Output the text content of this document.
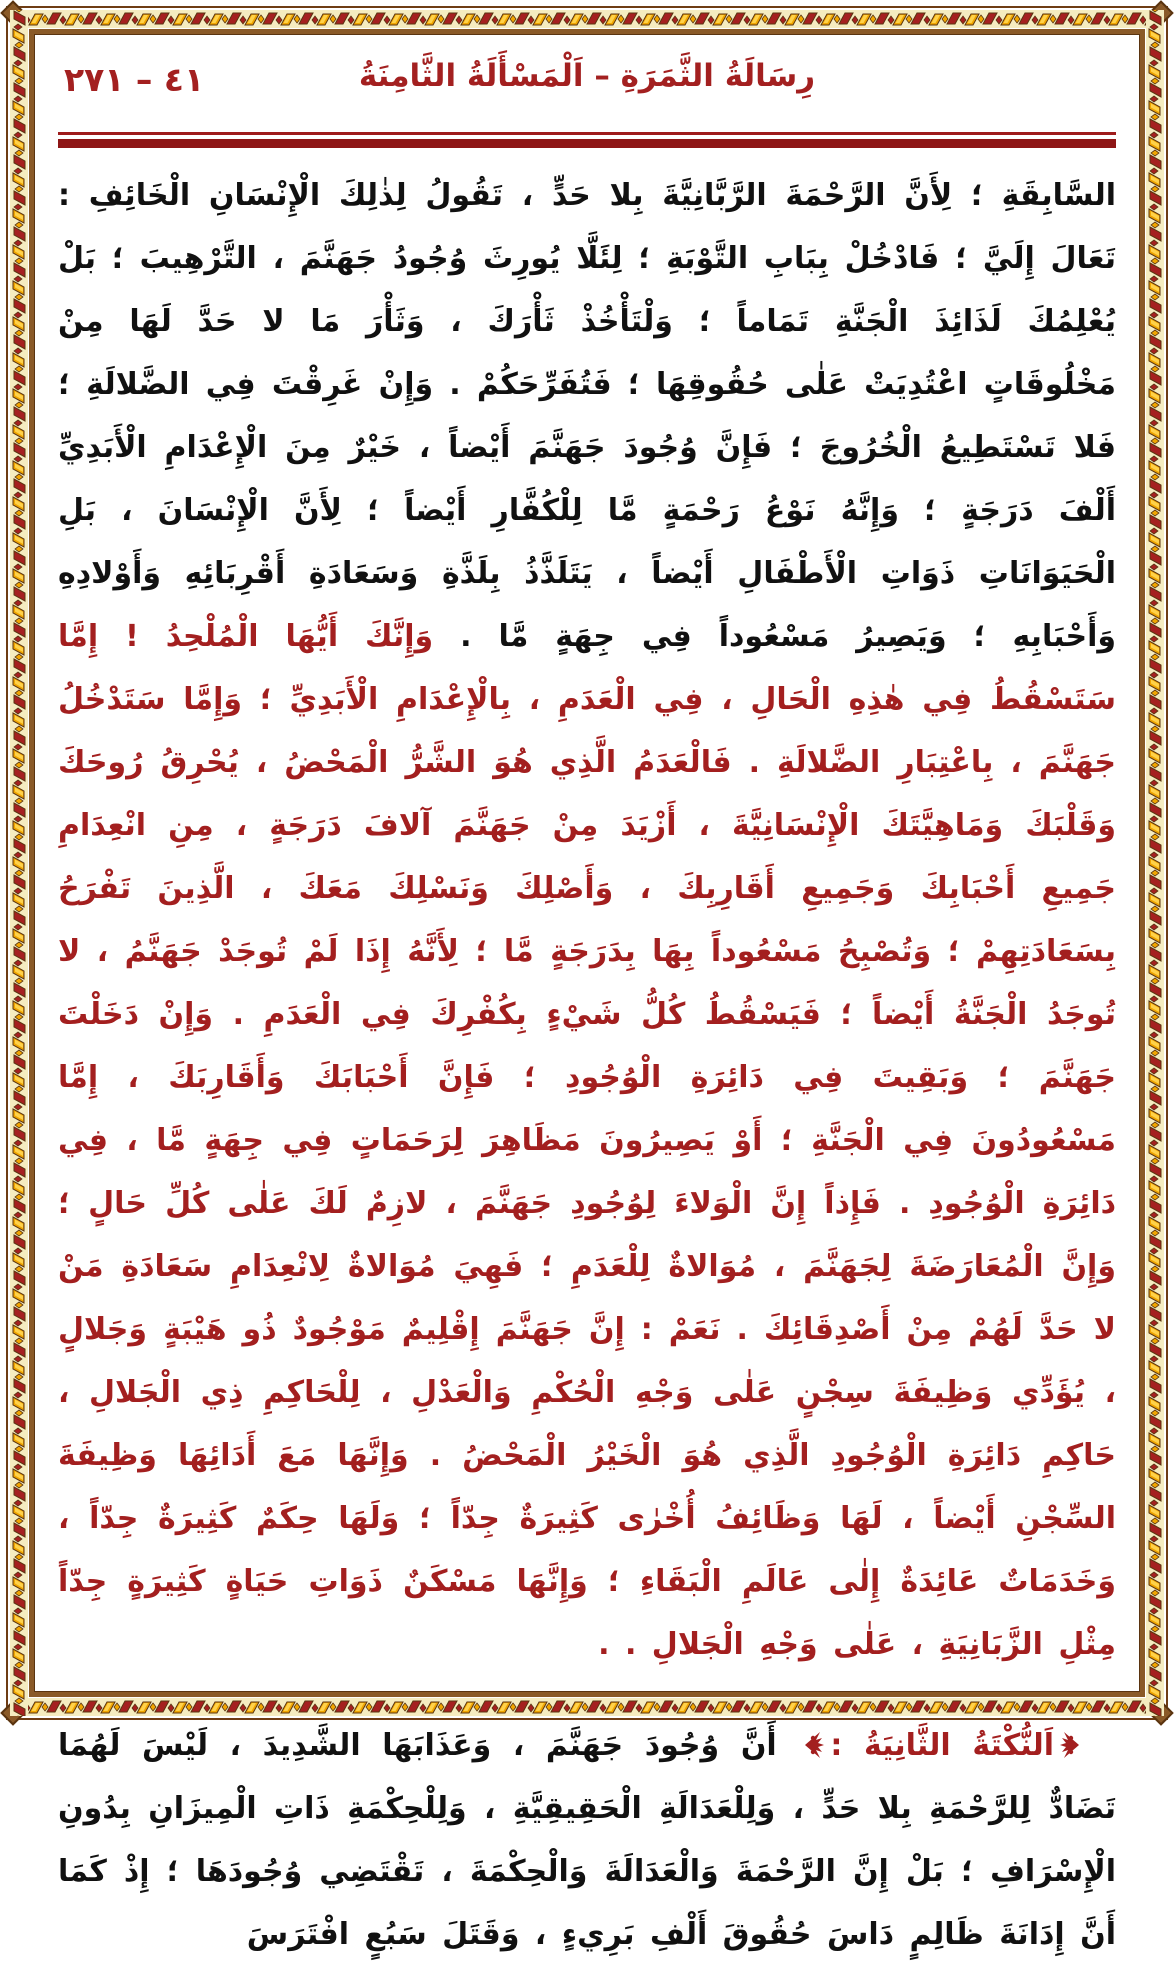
٤١ – ٢٧١	رِسَالَةُ الثَّمَرَةِ – اَلْمَسْأَلَةُ الثَّامِنَةُ

السَّابِقَةِ ؛ لِأَنَّ الرَّحْمَةَ الرَّبَّانِيَّةَ بِلا حَدٍّ ، تَقُولُ لِذٰلِكَ الْإِنْسَانِ الْخَائِفِ : تَعَالَ إِلَيَّ ؛ فَادْخُلْ بِبَابِ التَّوْبَةِ ؛ لِئَلَّا يُورِثَ وُجُودُ جَهَنَّمَ ، التَّرْهِيبَ ؛ بَلْ يُعْلِمُكَ لَذَائِذَ الْجَنَّةِ تَمَاماً ؛ وَلْتَأْخُذْ ثَأْرَكَ ، وَثَأْرَ مَا لا حَدَّ لَهَا مِنْ مَخْلُوقَاتٍ اعْتُدِيَتْ عَلٰى حُقُوقِهَا ؛ فَتُفَرِّحَكُمْ . وَإِنْ غَرِقْتَ فِي الضَّلالَةِ ؛ فَلا تَسْتَطِيعُ الْخُرُوجَ ؛ فَإِنَّ وُجُودَ جَهَنَّمَ أَيْضاً ، خَيْرٌ مِنَ الْإِعْدَامِ الْأَبَدِيِّ أَلْفَ دَرَجَةٍ ؛ وَإِنَّهُ نَوْعُ رَحْمَةٍ مَّا لِلْكُفَّارِ أَيْضاً ؛ لِأَنَّ الْإِنْسَانَ ، بَلِ الْحَيَوَانَاتِ ذَوَاتِ الْأَطْفَالِ أَيْضاً ، يَتَلَذَّذُ بِلَذَّةِ وَسَعَادَةِ أَقْرِبَائِهِ وَأَوْلادِهِ وَأَحْبَابِهِ ؛ وَيَصِيرُ مَسْعُوداً فِي جِهَةٍ مَّا . وَإِنَّكَ أَيُّهَا الْمُلْحِدُ ! إِمَّا سَتَسْقُطُ فِي هٰذِهِ الْحَالِ ، فِي الْعَدَمِ ، بِالْإِعْدَامِ الْأَبَدِيِّ ؛ وَإِمَّا سَتَدْخُلُ جَهَنَّمَ ، بِاعْتِبَارِ الضَّلالَةِ . فَالْعَدَمُ الَّذِي هُوَ الشَّرُّ الْمَحْضُ ، يُحْرِقُ رُوحَكَ وَقَلْبَكَ وَمَاهِيَّتَكَ الْإِنْسَانِيَّةَ ، أَزْيَدَ مِنْ جَهَنَّمَ آلافَ دَرَجَةٍ ، مِنِ انْعِدَامِ جَمِيعِ أَحْبَابِكَ وَجَمِيعِ أَقَارِبِكَ ، وَأَصْلِكَ وَنَسْلِكَ مَعَكَ ، الَّذِينَ تَفْرَحُ بِسَعَادَتِهِمْ ؛ وَتُصْبِحُ مَسْعُوداً بِهَا بِدَرَجَةٍ مَّا ؛ لِأَنَّهُ إِذَا لَمْ تُوجَدْ جَهَنَّمُ ، لا تُوجَدُ الْجَنَّةُ أَيْضاً ؛ فَيَسْقُطُ كُلُّ شَيْءٍ بِكُفْرِكَ فِي الْعَدَمِ . وَإِنْ دَخَلْتَ جَهَنَّمَ ؛ وَبَقِيتَ فِي دَائِرَةِ الْوُجُودِ ؛ فَإِنَّ أَحْبَابَكَ وَأَقَارِبَكَ ، إِمَّا مَسْعُودُونَ فِي الْجَنَّةِ ؛ أَوْ يَصِيرُونَ مَظَاهِرَ لِرَحَمَاتٍ فِي جِهَةٍ مَّا ، فِي دَائِرَةِ الْوُجُودِ . فَإِذاً إِنَّ الْوَلاءَ لِوُجُودِ جَهَنَّمَ ، لازِمٌ لَكَ عَلٰى كُلِّ حَالٍ ؛ وَإِنَّ الْمُعَارَضَةَ لِجَهَنَّمَ ، مُوَالاةٌ لِلْعَدَمِ ؛ فَهِيَ مُوَالاةٌ لِانْعِدَامِ سَعَادَةِ مَنْ لا حَدَّ لَهُمْ مِنْ أَصْدِقَائِكَ . نَعَمْ : إِنَّ جَهَنَّمَ إِقْلِيمٌ مَوْجُودٌ ذُو هَيْبَةٍ وَجَلالٍ ، يُؤَدِّي وَظِيفَةَ سِجْنٍ عَلٰى وَجْهِ الْحُكْمِ وَالْعَدْلِ ، لِلْحَاكِمِ ذِي الْجَلالِ ، حَاكِمِ دَائِرَةِ الْوُجُودِ الَّذِي هُوَ الْخَيْرُ الْمَحْضُ . وَإِنَّهَا مَعَ أَدَائِهَا وَظِيفَةَ السِّجْنِ أَيْضاً ، لَهَا وَظَائِفُ أُخْرٰى كَثِيرَةٌ جِدّاً ؛ وَلَهَا حِكَمٌ كَثِيرَةٌ جِدّاً ، وَخَدَمَاتٌ عَائِدَةٌ إِلٰى عَالَمِ الْبَقَاءِ ؛ وَإِنَّهَا مَسْكَنٌ ذَوَاتِ حَيَاةٍ كَثِيرَةٍ جِدّاً مِثْلِ الزَّبَانِيَةِ ، عَلٰى وَجْهِ الْجَلالِ . .

اَلنُّكْتَةُ الثَّانِيَةُ :
أَنَّ وُجُودَ جَهَنَّمَ ، وَعَذَابَهَا الشَّدِيدَ ، لَيْسَ لَهُمَا تَضَادٌّ لِلرَّحْمَةِ بِلا حَدٍّ ، وَلِلْعَدَالَةِ الْحَقِيقِيَّةِ ، وَلِلْحِكْمَةِ ذَاتِ الْمِيزَانِ بِدُونِ الْإِسْرَافِ ؛ بَلْ إِنَّ الرَّحْمَةَ وَالْعَدَالَةَ وَالْحِكْمَةَ ، تَقْتَضِي وُجُودَهَا ؛ إِذْ كَمَا أَنَّ إِدَانَةَ ظَالِمٍ دَاسَ حُقُوقَ أَلْفِ بَرِيءٍ ، وَقَتَلَ سَبُعٍ افْتَرَسَ
